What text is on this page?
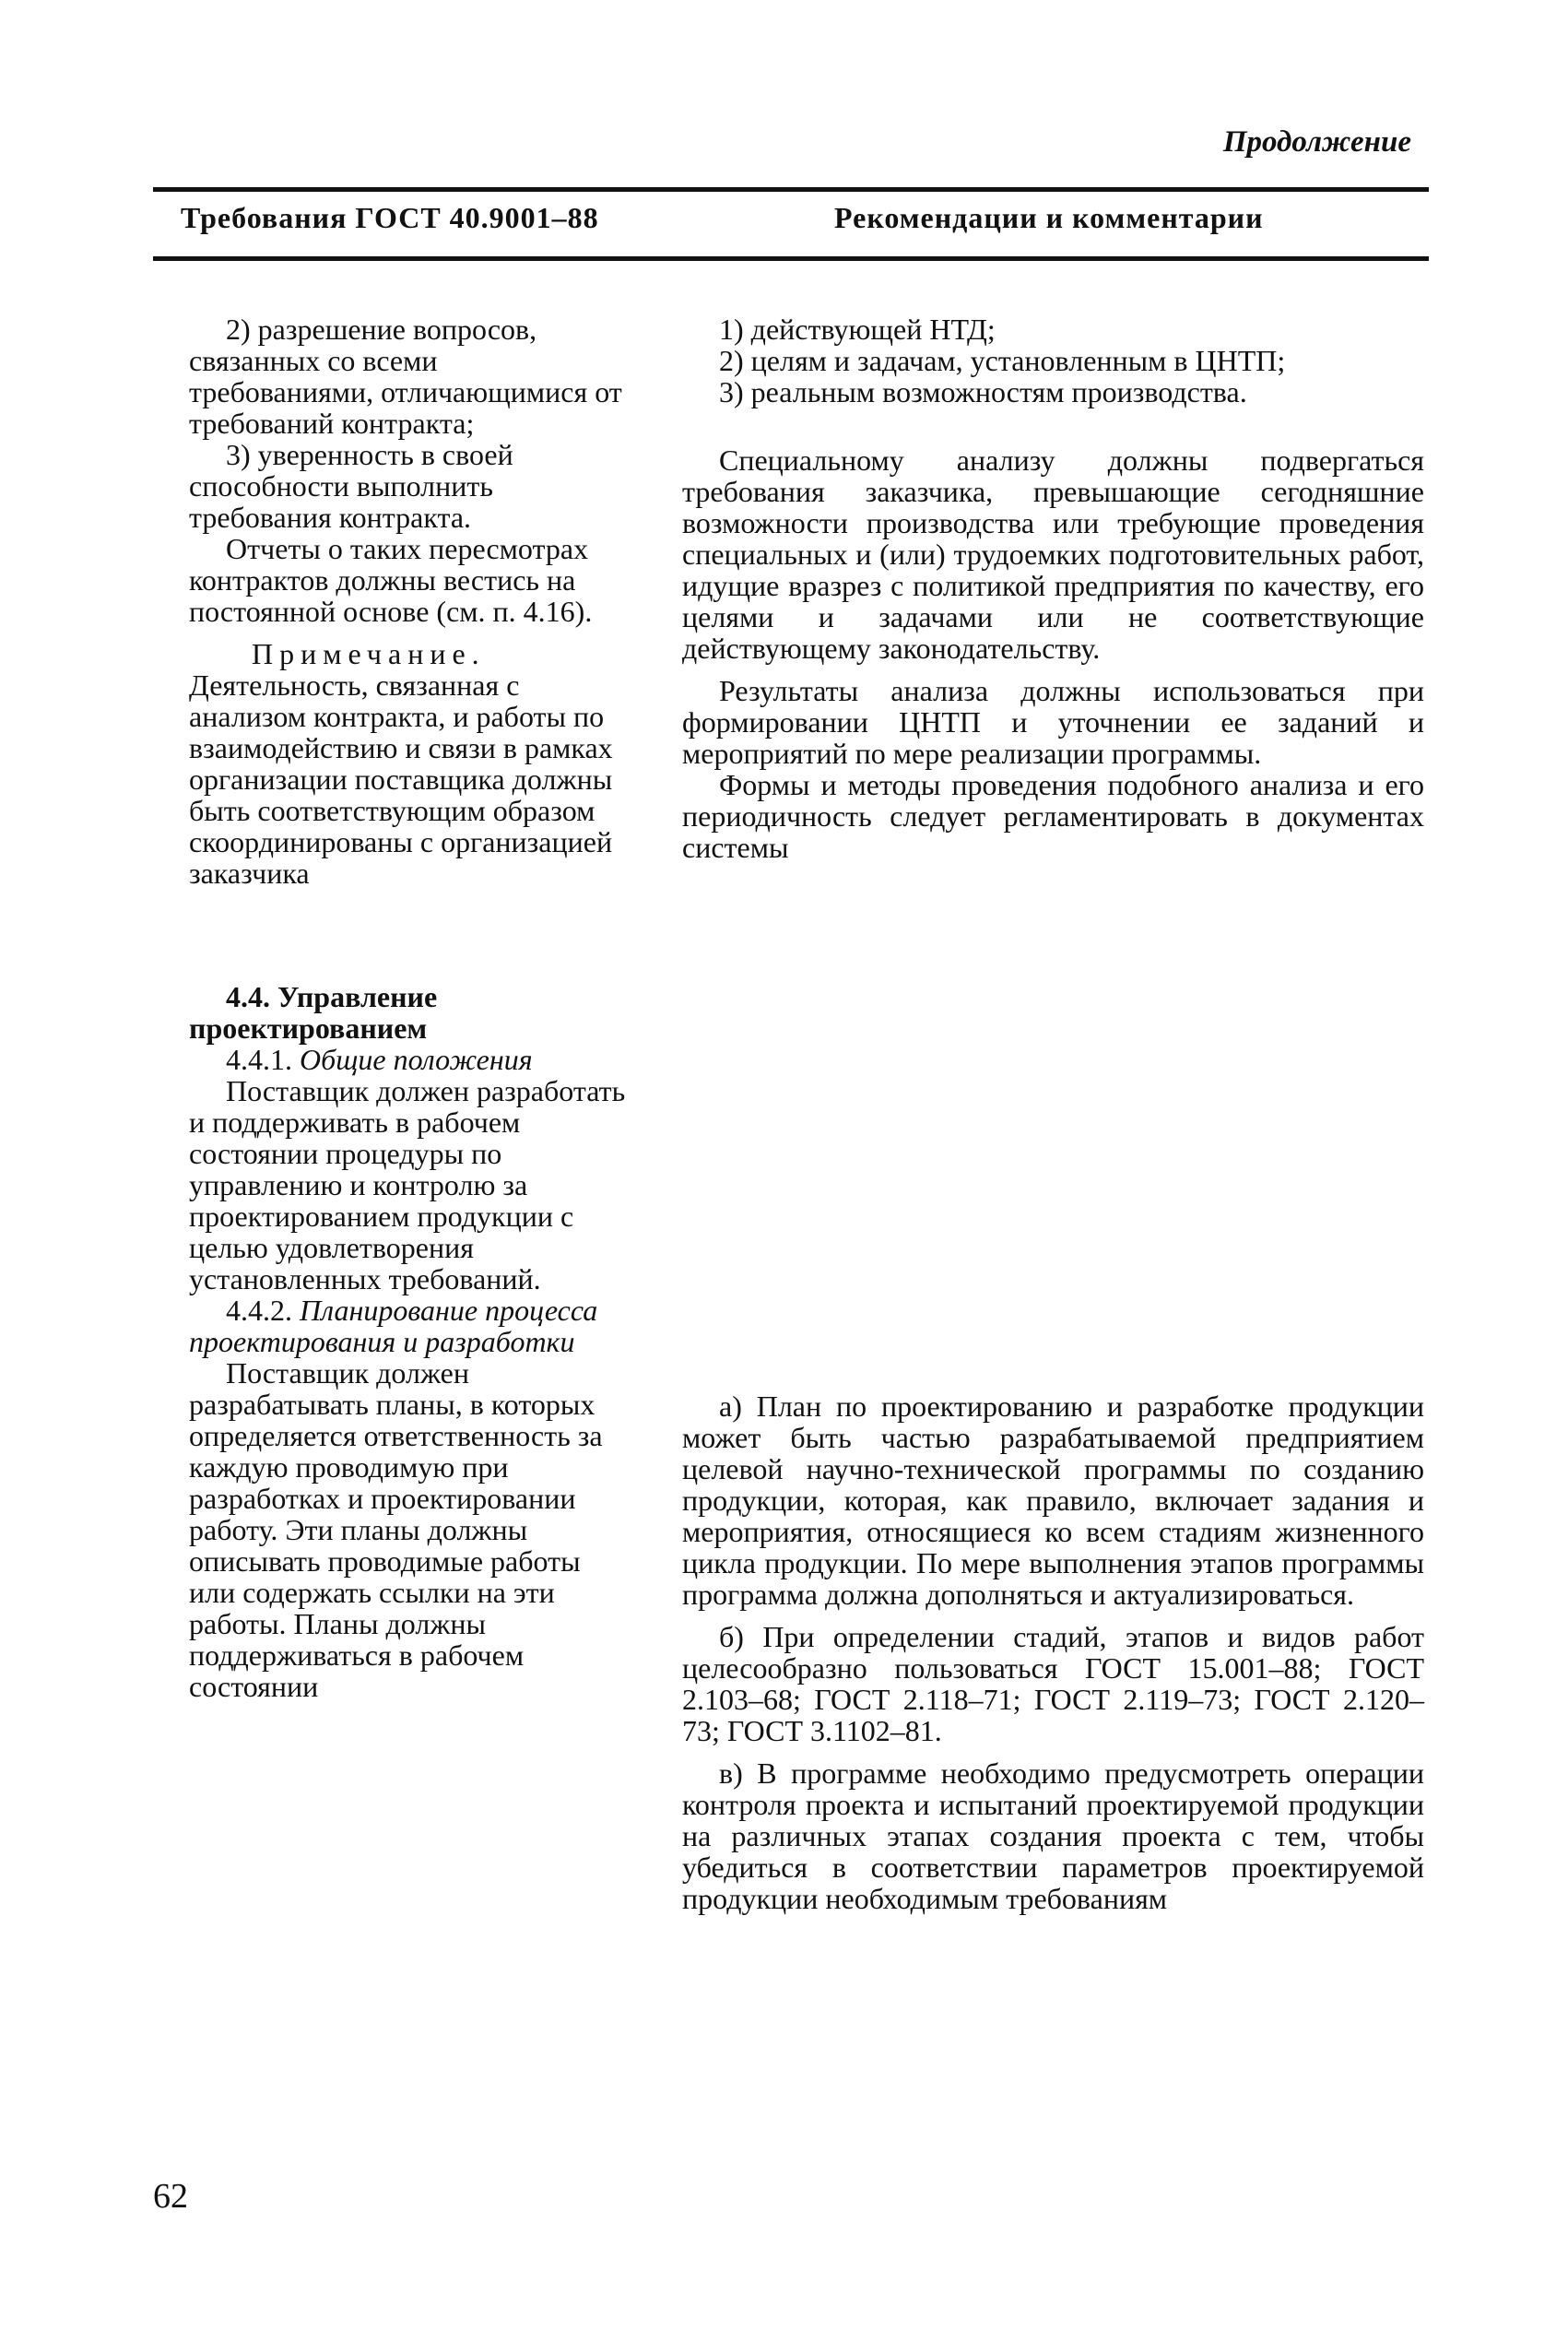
Продолжение
Требования ГОСТ 40.9001–88	Рекомендации и комментарии

2) разрешение вопросов, связанных со всеми требованиями, отличающимися от требований контракта;

3) уверенность в своей способности выполнить требования контракта.

Отчеты о таких пересмотрах контрактов должны вестись на постоянной основе (см. п. 4.16).

Примечание. Деятельность, связанная с анализом контракта, и работы по взаимодействию и связи в рамках организации поставщика должны быть соответствующим образом скоординированы с организацией заказчика

4.4. Управление проектированием

4.4.1. Общие положения

Поставщик должен разработать и поддерживать в рабочем состоянии процедуры по управлению и контролю за проектированием продукции с целью удовлетворения установленных требований.

4.4.2. Планирование процесса проектирования и разработки

Поставщик должен разрабатывать планы, в которых определяется ответственность за каждую проводимую при разработках и проектировании работу. Эти планы должны описывать проводимые работы или содержать ссылки на эти работы. Планы должны поддерживаться в рабочем состоянии

1) действующей НТД;

2) целям и задачам, установленным в ЦНТП;

3) реальным возможностям производства.

Специальному анализу должны подвергаться требования заказчика, превышающие сегодняшние возможности производства или требующие проведения специальных и (или) трудоемких подготовительных работ, идущие вразрез с политикой предприятия по качеству, его целями и задачами или не соответствующие действующему законодательству.

Результаты анализа должны использоваться при формировании ЦНТП и уточнении ее заданий и мероприятий по мере реализации программы.

Формы и методы проведения подобного анализа и его периодичность следует регламентировать в документах системы

а) План по проектированию и разработке продукции может быть частью разрабатываемой предприятием целевой научно-технической программы по созданию продукции, которая, как правило, включает задания и мероприятия, относящиеся ко всем стадиям жизненного цикла продукции. По мере выполнения этапов программы программа должна дополняться и актуализироваться.

б) При определении стадий, этапов и видов работ целесообразно пользоваться ГОСТ 15.001–88; ГОСТ 2.103–68; ГОСТ 2.118–71; ГОСТ 2.119–73; ГОСТ 2.120–73; ГОСТ 3.1102–81.

в) В программе необходимо предусмотреть операции контроля проекта и испытаний проектируемой продукции на различных этапах создания проекта с тем, чтобы убедиться в соответствии параметров проектируемой продукции необходимым требованиям

62
